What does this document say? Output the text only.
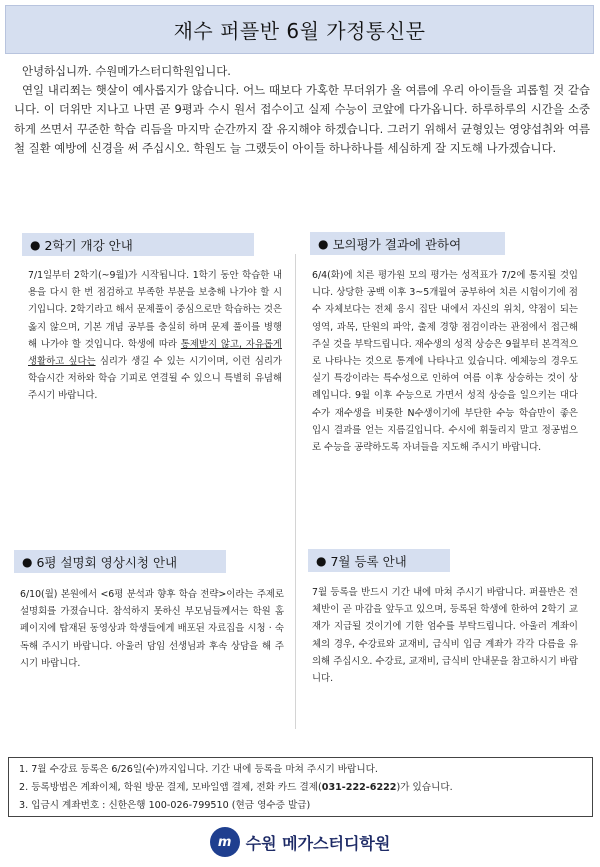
재수 퍼플반 6월 가정통신문

안녕하십니까. 수원메가스터디학원입니다.

연일 내리쬐는 햇살이 예사롭지가 않습니다. 어느 때보다 가혹한 무더위가 올 여름에 우리 아이들을 괴롭힐 것 같습니다. 이 더위만 지나고 나면 곧 9평과 수시 원서 접수이고 실제 수능이 코앞에 다가옵니다. 하루하루의 시간을 소중하게 쓰면서 꾸준한 학습 리듬을 마지막 순간까지 잘 유지해야 하겠습니다. 그러기 위해서 균형있는 영양섭취와 여름철 질환 예방에 신경을 써 주십시오. 학원도 늘 그랬듯이 아이들 하나하나를 세심하게 잘 지도해 나가겠습니다.

● 2학기 개강 안내
7/1일부터 2학기(~9월)가 시작됩니다. 1학기 동안 학습한 내용을 다시 한 번 점검하고 부족한 부분을 보충해 나가야 할 시기입니다. 2학기라고 해서 문제풀이 중심으로만 학습하는 것은 옳지 않으며, 기본 개념 공부를 충실히 하며 문제 풀이를 병행해 나가야 할 것입니다. 학생에 따라 통제받지 않고, 자유롭게 생활하고 싶다는 심리가 생길 수 있는 시기이며, 이런 심리가 학습시간 저하와 학습 기피로 연결될 수 있으니 특별히 유념해 주시기 바랍니다.
● 모의평가 결과에 관하여
6/4(화)에 치른 평가원 모의 평가는 성적표가 7/2에 통지될 것입니다. 상당한 공백 이후 3~5개월여 공부하여 치른 시험이기에 점수 자체보다는 전체 응시 집단 내에서 자신의 위치, 약점이 되는 영역, 과목, 단원의 파악, 출제 경향 점검이라는 관점에서 접근해 주실 것을 부탁드립니다. 재수생의 성적 상승은 9월부터 본격적으로 나타나는 것으로 통계에 나타나고 있습니다. 예체능의 경우도 실기 특강이라는 특수성으로 인하여 여름 이후 상승하는 것이 상례입니다. 9월 이후 수능으로 가면서 성적 상승을 일으키는 대다수가 재수생을 비롯한 N수생이기에 부단한 수능 학습만이 좋은 입시 결과를 얻는 지름길입니다. 수시에 휘둘리지 말고 정공법으로 수능을 공략하도록 자녀들을 지도해 주시기 바랍니다.
● 6평 설명회 영상시청 안내
6/10(월) 본원에서 <6평 분석과 향후 학습 전략>이라는 주제로 설명회를 가졌습니다. 참석하지 못하신 부모님들께서는 학원 홈페이지에 탑재된 동영상과 학생들에게 배포된 자료집을 시청 · 숙독해 주시기 바랍니다. 아울러 담임 선생님과 후속 상담을 해 주시기 바랍니다.
● 7월 등록 안내
7월 등록을 반드시 기간 내에 마쳐 주시기 바랍니다. 퍼플반은 전체반이 곧 마감을 앞두고 있으며, 등록된 학생에 한하여 2학기 교재가 지급될 것이기에 기한 엄수를 부탁드립니다. 아울러 계좌이체의 경우, 수강료와 교재비, 급식비 입금 계좌가 각각 다름을 유의해 주십시오. 수강료, 교재비, 급식비 안내문을 참고하시기 바랍니다.
1. 7월 수강료 등록은 6/26일(수)까지입니다. 기간 내에 등록을 마쳐 주시기 바랍니다.
2. 등록방법은 계좌이체, 학원 방문 결제, 모바일앱 결제, 전화 카드 결제(031-222-6222)가 있습니다.
3. 입금시 계좌번호 : 신한은행 100-026-799510 (현금 영수증 발급)
m 수원 메가스터디학원
